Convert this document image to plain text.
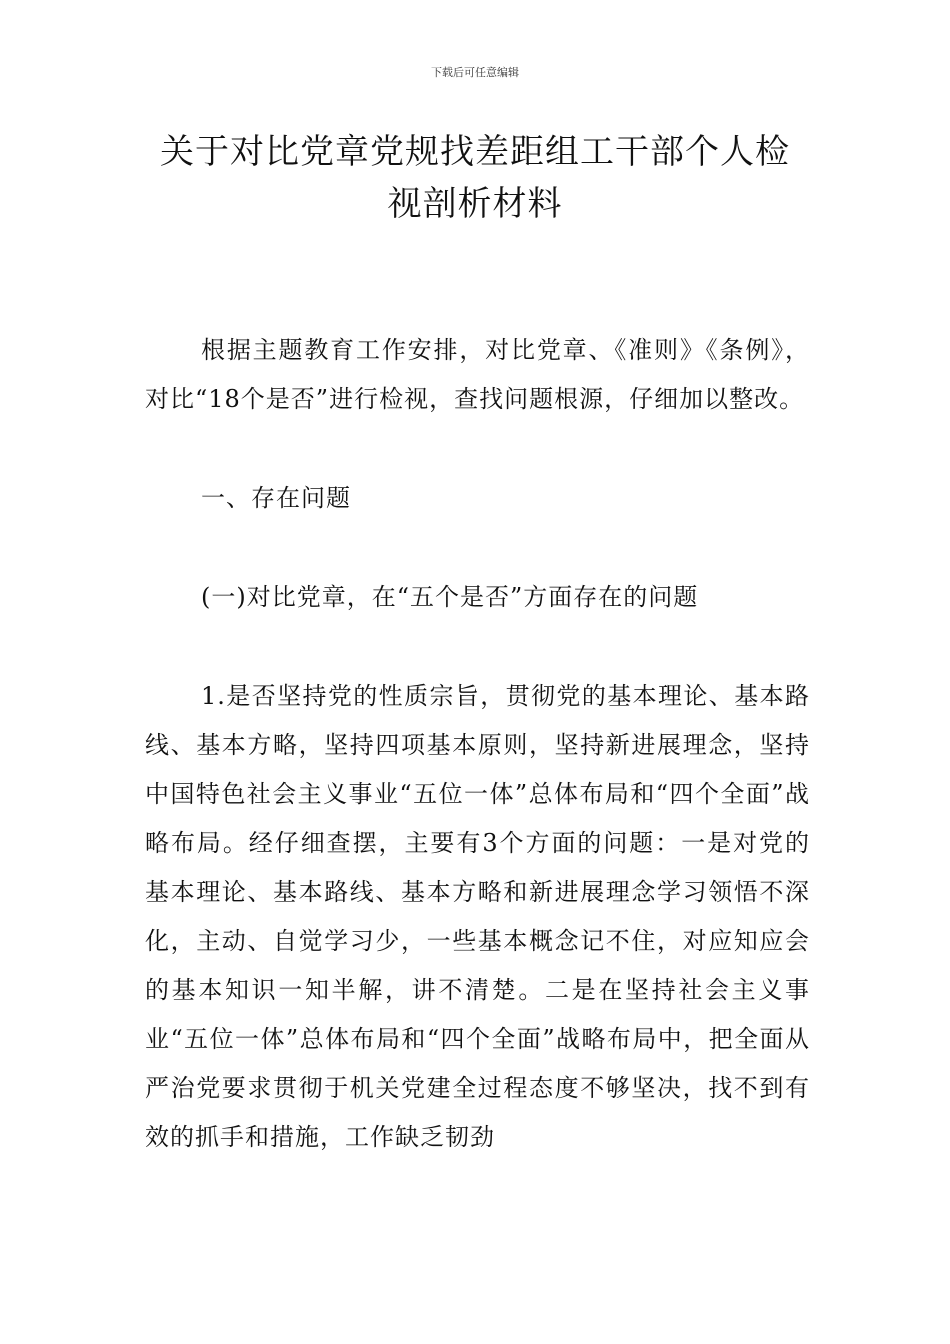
下载后可任意编辑
关于对比党章党规找差距组工干部个人检
视剖析材料

根据主题教育工作安排，对比党章、《准则》《条例》，对比“18个是否”进行检视，查找问题根源，仔细加以整改。

一、存在问题

(一)对比党章，在“五个是否”方面存在的问题

1.是否坚持党的性质宗旨，贯彻党的基本理论、基本路线、基本方略，坚持四项基本原则，坚持新进展理念，坚持中国特色社会主义事业“五位一体”总体布局和“四个全面”战略布局。经仔细查摆，主要有3个方面的问题：一是对党的基本理论、基本路线、基本方略和新进展理念学习领悟不深化，主动、自觉学习少，一些基本概念记不住，对应知应会的基本知识一知半解，讲不清楚。二是在坚持社会主义事业“五位一体”总体布局和“四个全面”战略布局中，把全面从严治党要求贯彻于机关党建全过程态度不够坚决，找不到有效的抓手和措施，工作缺乏韧劲
